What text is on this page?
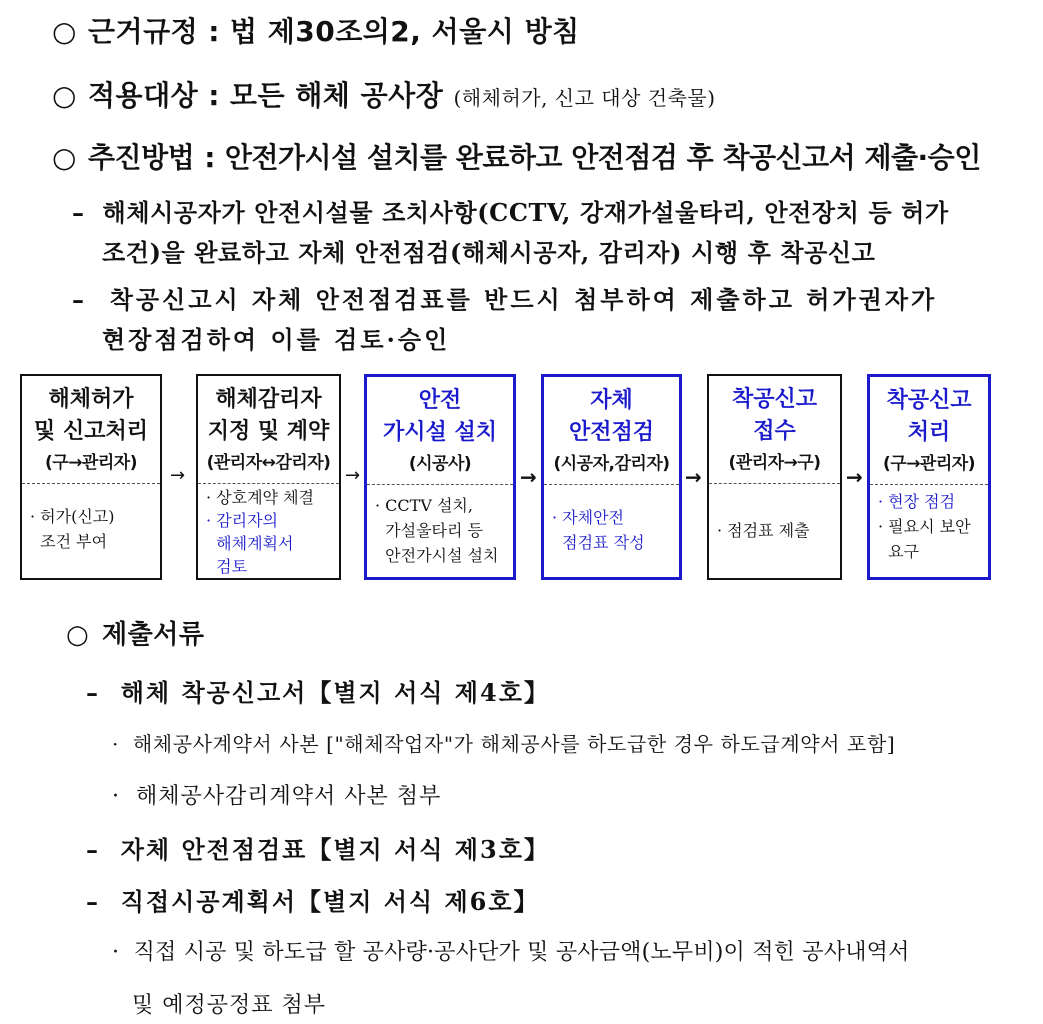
○ 근거규정 : 법 제30조의2, 서울시 방침
○ 적용대상 : 모든 해체 공사장 (해체허가, 신고 대상 건축물)
○ 추진방법 : 안전가시설 설치를 완료하고 안전점검 후 착공신고서 제출·승인
– 해체시공자가 안전시설물 조치사항(CCTV, 강재가설울타리, 안전장치 등 허가
조건)을 완료하고 자체 안전점검(해체시공자, 감리자) 시행 후 착공신고
– 착공신고시 자체 안전점검표를 반드시 첨부하여 제출하고 허가권자가
현장점검하여 이를 검토·승인
해체허가
및 신고처리
(구→관리자)
· 허가(신고)
조건 부여
→
해체감리자
지정 및 계약
(관리자↔감리자)
· 상호계약 체결
· 감리자의
해체계획서
검토
→
안전
가시설 설치
(시공사)
· CCTV 설치,
가설울타리 등
안전가시설 설치
→
자체
안전점검
(시공자,감리자)
· 자체안전
점검표 작성
→
착공신고
접수
(관리자→구)
· 점검표 제출
→
착공신고
처리
(구→관리자)
· 현장 점검
· 필요시 보안
요구
○ 제출서류
– 해체 착공신고서【별지 서식 제4호】
· 해체공사계약서 사본 ["해체작업자"가 해체공사를 하도급한 경우 하도급계약서 포함]
· 해체공사감리계약서 사본 첨부
– 자체 안전점검표【별지 서식 제3호】
– 직접시공계획서【별지 서식 제6호】
· 직접 시공 및 하도급 할 공사량·공사단가 및 공사금액(노무비)이 적힌 공사내역서
및 예정공정표 첨부
